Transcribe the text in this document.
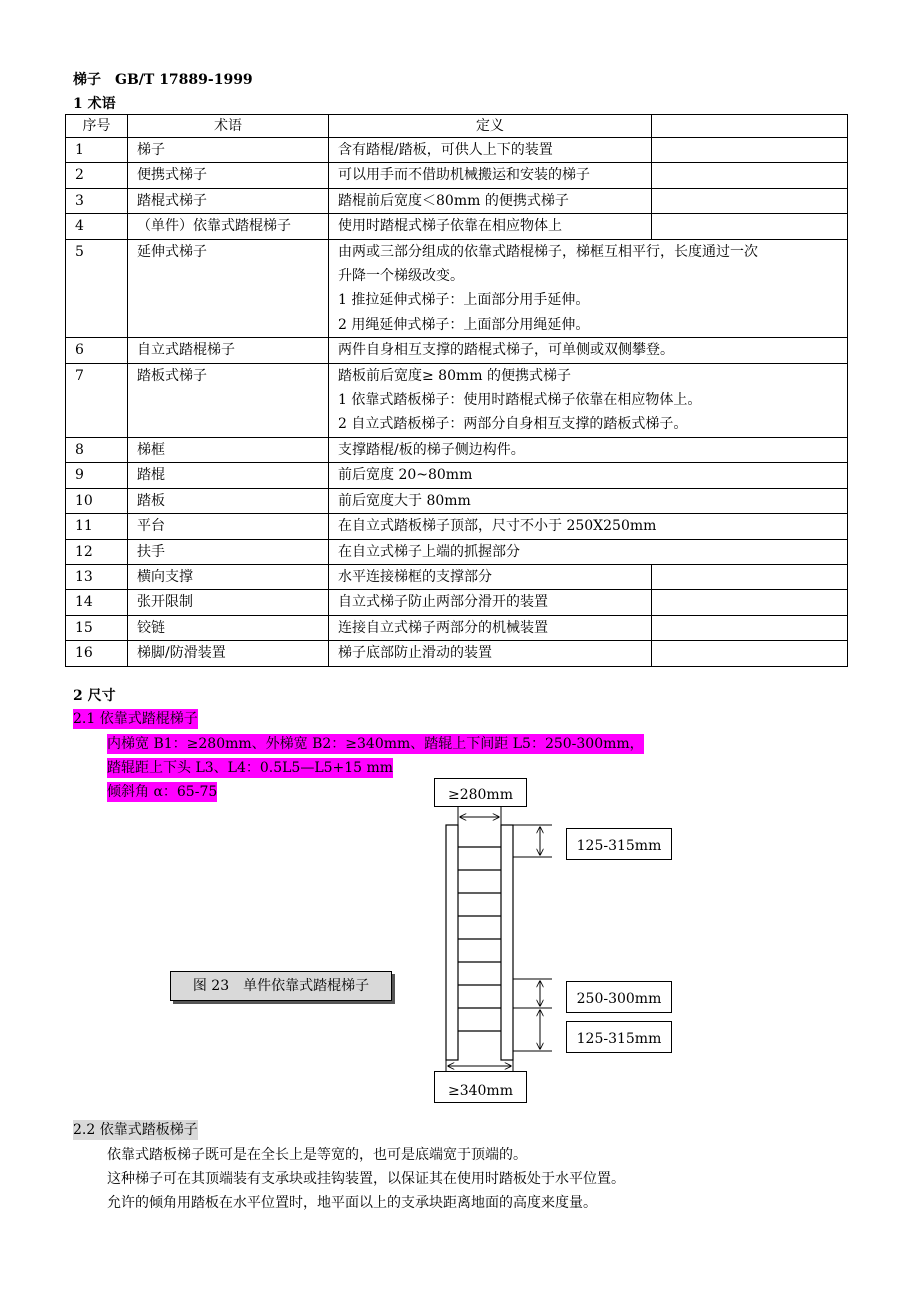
梯子　GB/T 17889-1999
1 术语
序号	术语	定义	
1	梯子	含有踏棍/踏板，可供人上下的装置	

2	便携式梯子	可以用手而不借助机械搬运和安装的梯子	

3	踏棍式梯子	踏棍前后宽度＜80mm 的便携式梯子	

4	（单件）依靠式踏棍梯子	使用时踏棍式梯子依靠在相应物体上	

5	延伸式梯子	由两或三部分组成的依靠式踏棍梯子，梯框互相平行，长度通过一次
升降一个梯级改变。
1 推拉延伸式梯子：上面部分用手延伸。
2 用绳延伸式梯子：上面部分用绳延伸。	

6	自立式踏棍梯子	两件自身相互支撑的踏棍式梯子，可单侧或双侧攀登。	

7	踏板式梯子	踏板前后宽度≥ 80mm 的便携式梯子
1 依靠式踏板梯子：使用时踏棍式梯子依靠在相应物体上。
2 自立式踏板梯子：两部分自身相互支撑的踏板式梯子。	

8	梯框	支撑踏棍/板的梯子侧边构件。	

9	踏棍	前后宽度 20~80mm	

10	踏板	前后宽度大于 80mm	

11	平台	在自立式踏板梯子顶部，尺寸不小于 250X250mm	

12	扶手	在自立式梯子上端的抓握部分	

13	横向支撑	水平连接梯框的支撑部分	

14	张开限制	自立式梯子防止两部分滑开的装置	

15	铰链	连接自立式梯子两部分的机械装置	

16	梯脚/防滑装置	梯子底部防止滑动的装置	

2 尺寸
2.1 依靠式踏棍梯子
内梯宽 B1：≥280mm、外梯宽 B2：≥340mm、踏辊上下间距 L5：250-300mm，
踏辊距上下头 L3、L4：0.5L5—L5+15 mm
倾斜角 α：65-75	≥280mm
125-315mm
250-300mm
125-315mm
≥340mm
图 23　单件依靠式踏棍梯子
2.2 依靠式踏板梯子
依靠式踏板梯子既可是在全长上是等宽的，也可是底端宽于顶端的。
这种梯子可在其顶端装有支承块或挂钩装置，以保证其在使用时踏板处于水平位置。
允许的倾角用踏板在水平位置时，地平面以上的支承块距离地面的高度来度量。
